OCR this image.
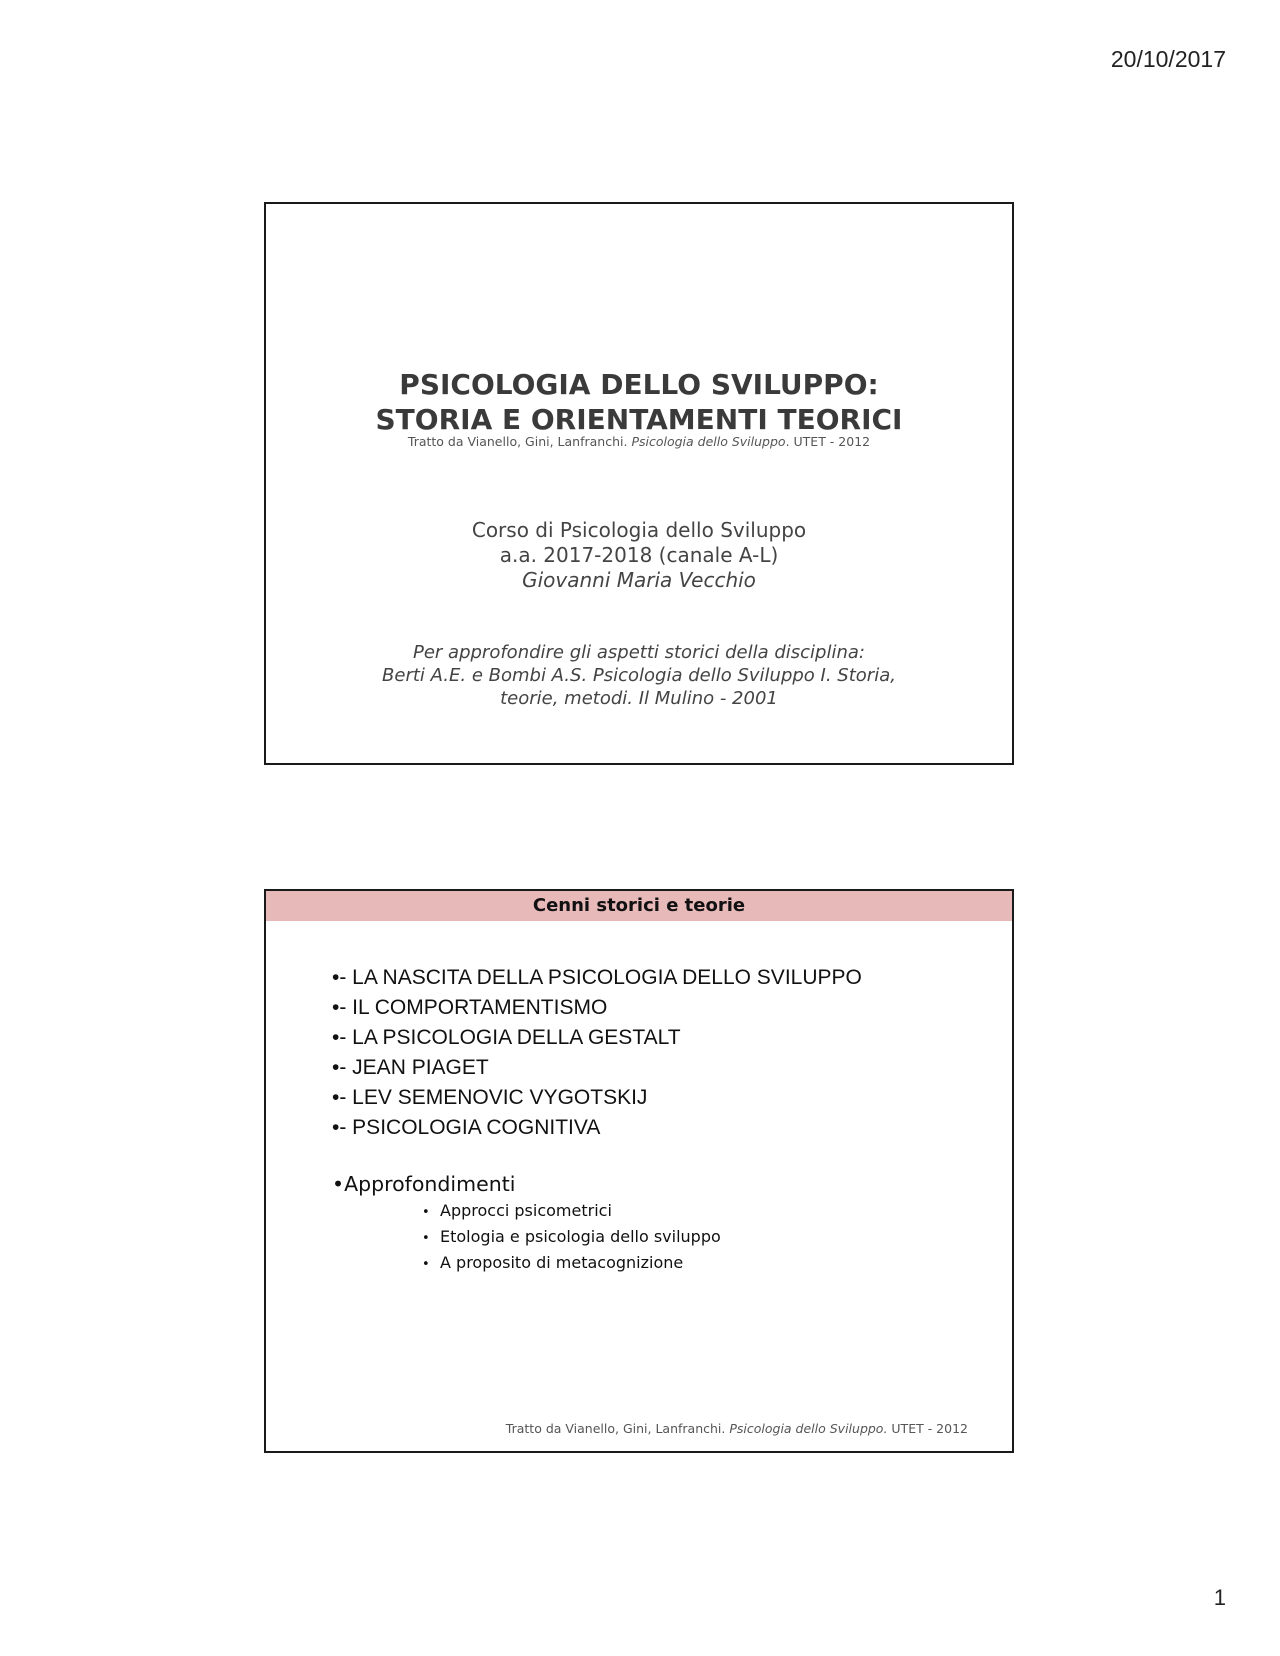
20/10/2017
PSICOLOGIA DELLO SVILUPPO:
STORIA E ORIENTAMENTI TEORICI
Tratto da Vianello, Gini, Lanfranchi. Psicologia dello Sviluppo. UTET - 2012
Corso di Psicologia dello Sviluppo
a.a. 2017-2018 (canale A-L)
Giovanni Maria Vecchio
Per approfondire gli aspetti storici della disciplina:
Berti A.E. e Bombi A.S. Psicologia dello Sviluppo I. Storia,
teorie, metodi. Il Mulino - 2001
Cenni storici e teorie
•- LA NASCITA DELLA PSICOLOGIA DELLO SVILUPPO
•- IL COMPORTAMENTISMO
•- LA PSICOLOGIA DELLA GESTALT
•- JEAN PIAGET
•- LEV SEMENOVIC VYGOTSKIJ
•- PSICOLOGIA COGNITIVA
•Approfondimenti
• Approcci psicometrici
• Etologia e psicologia dello sviluppo
• A proposito di metacognizione
Tratto da Vianello, Gini, Lanfranchi. Psicologia dello Sviluppo. UTET - 2012
1
